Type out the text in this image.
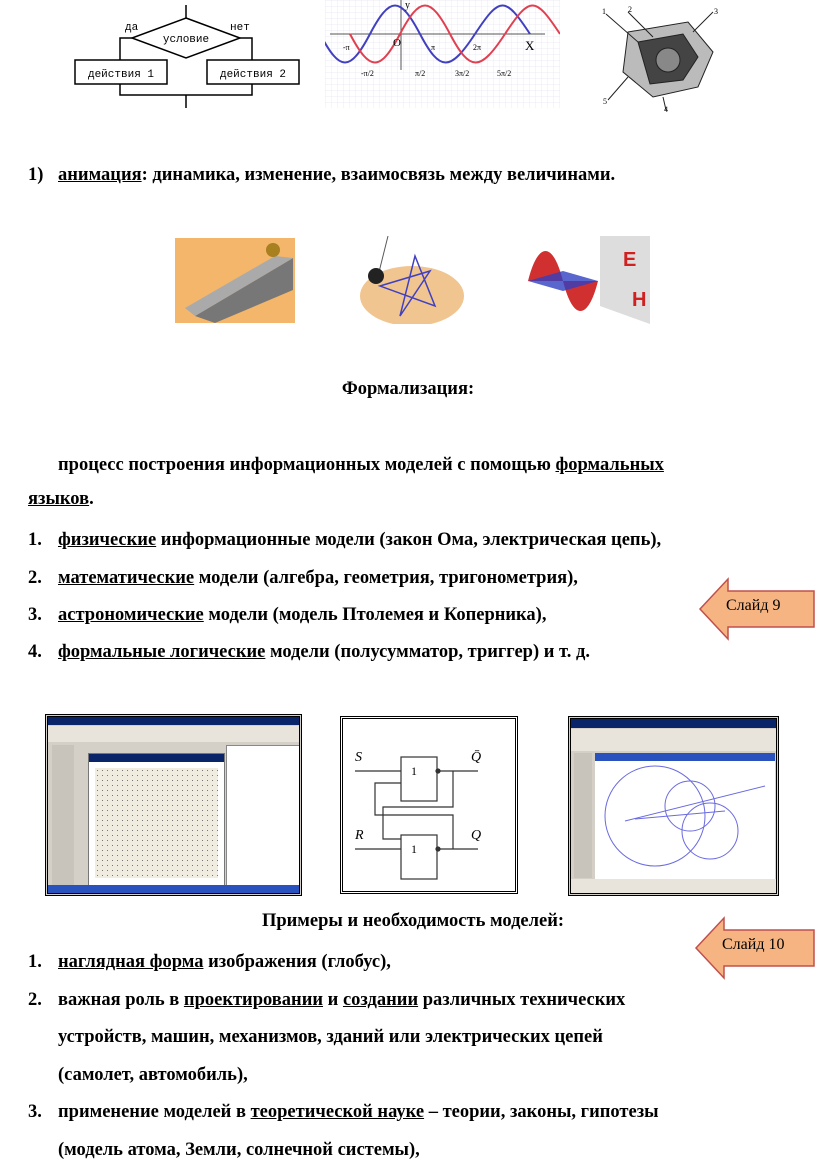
условие
да	нет
действия 1	действия 2
X
y
O
-π	π	2π
-π/2	π/2	3π/2	5π/2
1	2	3
4
5
1) анимация: динамика, изменение, взаимосвязь между величинами.
E
H
Формализация:
процесс построения информационных моделей с помощью формальных
языков.
1. физические информационные модели (закон Ома, электрическая цепь),
2. математические модели (алгебра, геометрия, тригонометрия),
3. астрономические модели (модель Птолемея и Коперника),
4. формальные логические модели (полусумматор, триггер) и т. д.
Слайд 9
S
R
Q̄
Q
1
1
Примеры и необходимость моделей:
Слайд 10
1. наглядная форма изображения (глобус),
2. важная роль в проектировании и создании различных технических
устройств, машин, механизмов, зданий или электрических цепей
(самолет, автомобиль),
3. применение моделей в теоретической науке – теории, законы, гипотезы
(модель атома, Земли, солнечной системы),
